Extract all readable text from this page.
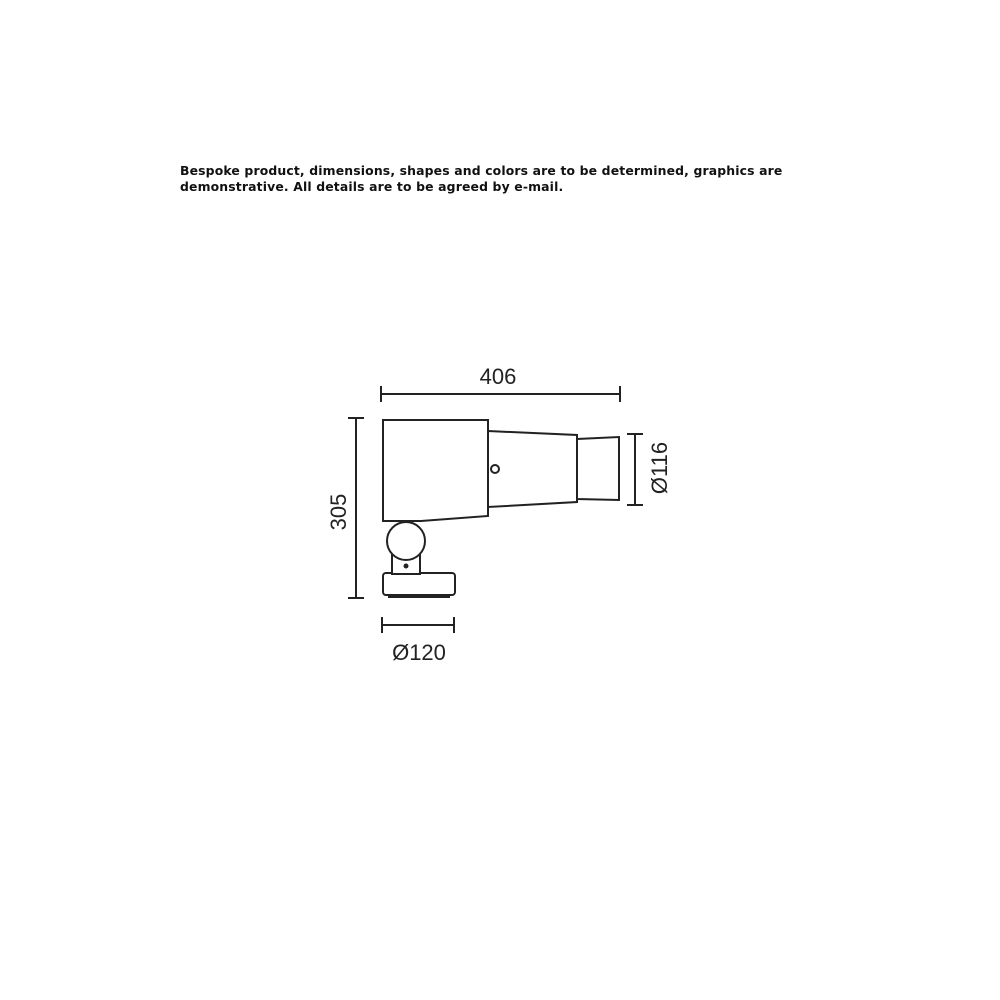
Bespoke product, dimensions, shapes and colors are to be determined, graphics are
demonstrative. All details are to be agreed by e-mail.
406
305
Ø116
Ø120
